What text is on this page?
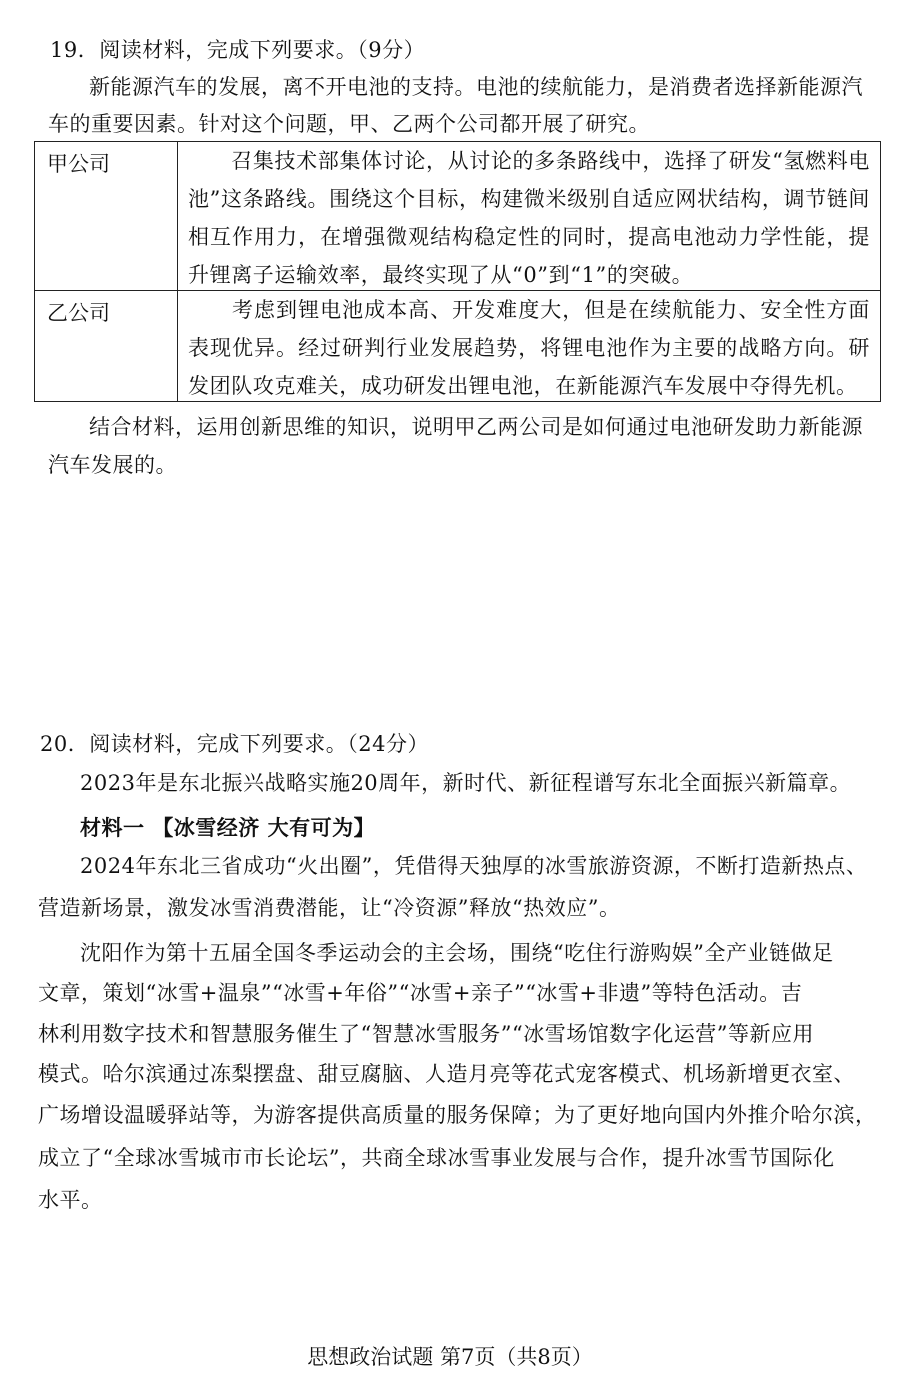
19．阅读材料，完成下列要求。（9分）
新能源汽车的发展，离不开电池的支持。电池的续航能力，是消费者选择新能源汽
车的重要因素。针对这个问题，甲、乙两个公司都开展了研究。
甲公司	　　召集技术部集体讨论，从讨论的多条路线中，选择了研发“氢燃料电池”这条路线。围绕这个目标，构建微米级别自适应网状结构，调节链间相互作用力，在增强微观结构稳定性的同时，提高电池动力学性能，提升锂离子运输效率，最终实现了从“0”到“1”的突破。

乙公司	　　考虑到锂电池成本高、开发难度大，但是在续航能力、安全性方面表现优异。经过研判行业发展趋势，将锂电池作为主要的战略方向。研发团队攻克难关，成功研发出锂电池，在新能源汽车发展中夺得先机。
结合材料，运用创新思维的知识，说明甲乙两公司是如何通过电池研发助力新能源
汽车发展的。
20．阅读材料，完成下列要求。（24分）
2023年是东北振兴战略实施20周年，新时代、新征程谱写东北全面振兴新篇章。
材料一 【冰雪经济 大有可为】
2024年东北三省成功“火出圈”，凭借得天独厚的冰雪旅游资源，不断打造新热点、
营造新场景，激发冰雪消费潜能，让“冷资源”释放“热效应”。
沈阳作为第十五届全国冬季运动会的主会场，围绕“吃住行游购娱”全产业链做足
文章，策划“冰雪+温泉”“冰雪+年俗”“冰雪+亲子”“冰雪+非遗”等特色活动。吉
林利用数字技术和智慧服务催生了“智慧冰雪服务”“冰雪场馆数字化运营”等新应用
模式。哈尔滨通过冻梨摆盘、甜豆腐脑、人造月亮等花式宠客模式、机场新增更衣室、
广场增设温暖驿站等，为游客提供高质量的服务保障；为了更好地向国内外推介哈尔滨，
成立了“全球冰雪城市市长论坛”，共商全球冰雪事业发展与合作，提升冰雪节国际化
水平。
思想政治试题 第7页（共8页）
